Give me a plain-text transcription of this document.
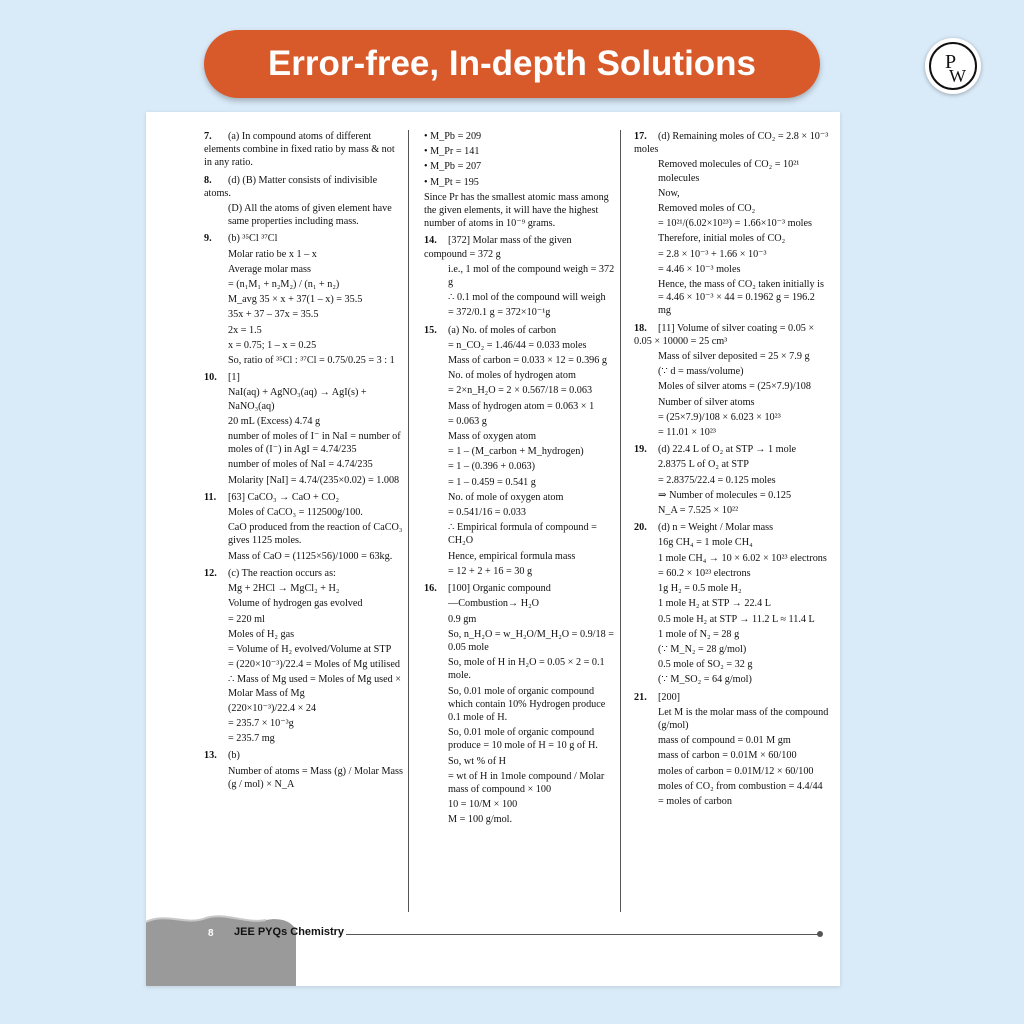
Error-free, In-depth Solutions	P
W

7. (a) In compound atoms of different elements combine in fixed ratio by mass & not in any ratio.

8. (d) (B) Matter consists of indivisible atoms.

(D) All the atoms of given element have same properties including mass.

9. (b) ³⁵Cl ³⁷Cl

Molar ratio be x 1 – x

Average molar mass

= (n₁M₁ + n₂M₂) / (n₁ + n₂)

M_avg 35 × x + 37(1 – x) = 35.5

35x + 37 – 37x = 35.5

2x = 1.5

x = 0.75; 1 – x = 0.25

So, ratio of ³⁵Cl : ³⁷Cl = 0.75/0.25 = 3 : 1

10. [1]

NaI(aq) + AgNO₃(aq) → AgI(s) + NaNO₃(aq)

20 mL (Excess) 4.74 g

number of moles of I⁻ in NaI = number of moles of (I⁻) in AgI = 4.74/235

number of moles of NaI = 4.74/235

Molarity [NaI] = 4.74/(235×0.02) = 1.008

11. [63] CaCO₃ → CaO + CO₂

Moles of CaCO₃ = 112500g/100.

CaO produced from the reaction of CaCO₃ gives 1125 moles.

Mass of CaO = (1125×56)/1000 = 63kg.

12. (c) The reaction occurs as:

Mg + 2HCl → MgCl₂ + H₂

Volume of hydrogen gas evolved

= 220 ml

Moles of H₂ gas

= Volume of H₂ evolved/Volume at STP

= (220×10⁻³)/22.4 = Moles of Mg utilised

∴ Mass of Mg used = Moles of Mg used × Molar Mass of Mg

(220×10⁻³)/22.4 × 24

= 235.7 × 10⁻³g

= 235.7 mg

13. (b)

Number of atoms = Mass (g) / Molar Mass (g / mol) × N_A

• M_Pb = 209

• M_Pr = 141

• M_Pb = 207

• M_Pt = 195

Since Pr has the smallest atomic mass among the given elements, it will have the highest number of atoms in 10⁻⁹ grams.

14. [372] Molar mass of the given compound = 372 g

i.e., 1 mol of the compound weigh = 372 g

∴ 0.1 mol of the compound will weigh

= 372/0.1 g = 372×10⁻¹g

15. (a) No. of moles of carbon

= n_CO₂ = 1.46/44 = 0.033 moles

Mass of carbon = 0.033 × 12 = 0.396 g

No. of moles of hydrogen atom

= 2×n_H₂O = 2 × 0.567/18 = 0.063

Mass of hydrogen atom = 0.063 × 1

= 0.063 g

Mass of oxygen atom

= 1 – (M_carbon + M_hydrogen)

= 1 – (0.396 + 0.063)

= 1 – 0.459 = 0.541 g

No. of mole of oxygen atom

= 0.541/16 = 0.033

∴ Empirical formula of compound = CH₂O

Hence, empirical formula mass

= 12 + 2 + 16 = 30 g

16. [100] Organic compound

—Combustion→ H₂O

0.9 gm

So, n_H₂O = w_H₂O/M_H₂O = 0.9/18 = 0.05 mole

So, mole of H in H₂O = 0.05 × 2 = 0.1 mole.

So, 0.01 mole of organic compound which contain 10% Hydrogen produce 0.1 mole of H.

So, 0.01 mole of organic compound produce = 10 mole of H = 10 g of H.

So, wt % of H

= wt of H in 1mole compound / Molar mass of compound × 100

10 = 10/M × 100

M = 100 g/mol.

17. (d) Remaining moles of CO₂ = 2.8 × 10⁻³ moles

Removed molecules of CO₂ = 10²¹ molecules

Now,

Removed moles of CO₂

= 10²¹/(6.02×10²³) = 1.66×10⁻³ moles

Therefore, initial moles of CO₂

= 2.8 × 10⁻³ + 1.66 × 10⁻³

= 4.46 × 10⁻³ moles

Hence, the mass of CO₂ taken initially is = 4.46 × 10⁻³ × 44 = 0.1962 g = 196.2 mg

18. [11] Volume of silver coating = 0.05 × 0.05 × 10000 = 25 cm³

Mass of silver deposited = 25 × 7.9 g

(∵ d = mass/volume)

Moles of silver atoms = (25×7.9)/108

Number of silver atoms

= (25×7.9)/108 × 6.023 × 10²³

= 11.01 × 10²³

19. (d) 22.4 L of O₂ at STP → 1 mole

2.8375 L of O₂ at STP

= 2.8375/22.4 = 0.125 moles

⇒ Number of molecules = 0.125

N_A = 7.525 × 10²²

20. (d) n = Weight / Molar mass

16g CH₄ = 1 mole CH₄

1 mole CH₄ → 10 × 6.02 × 10²³ electrons

= 60.2 × 10²³ electrons

1g H₂ = 0.5 mole H₂

1 mole H₂ at STP → 22.4 L

0.5 mole H₂ at STP → 11.2 L ≈ 11.4 L

1 mole of N₂ = 28 g

(∵ M_N₂ = 28 g/mol)

0.5 mole of SO₂ = 32 g

(∵ M_SO₂ = 64 g/mol)

21. [200]

Let M is the molar mass of the compound (g/mol)

mass of compound = 0.01 M gm

mass of carbon = 0.01M × 60/100

moles of carbon = 0.01M/12 × 60/100

moles of CO₂ from combustion = 4.4/44

= moles of carbon

8 JEE PYQs Chemistry
